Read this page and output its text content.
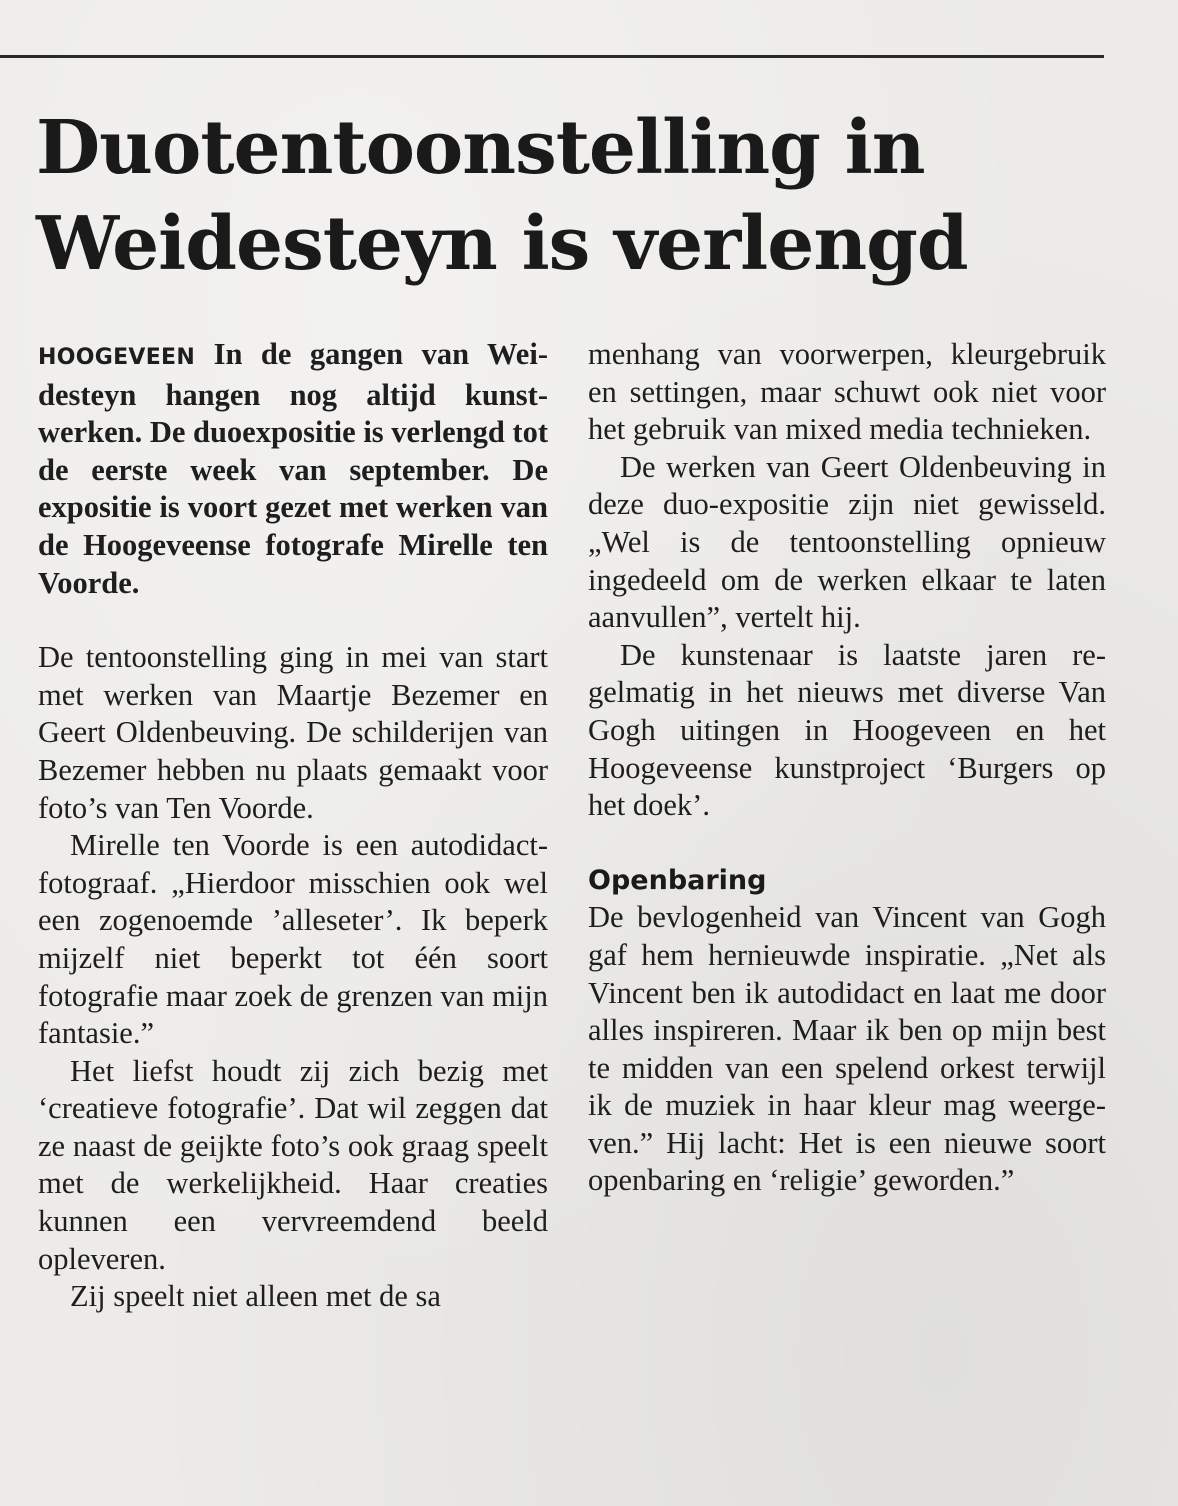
Duotentoonstelling in
Weidesteyn is verlengd

HOOGEVEEN In de gangen van Weidesteyn hangen nog altijd kunstwerken. De duoexpositie is verlengd tot de eerste week van september. De expositie is voort gezet met werken van de Hoogeveense fotografe Mirelle ten Voorde.

De tentoonstelling ging in mei van start met werken van Maartje Bezemer en Geert Oldenbeuving. De schilderijen van Bezemer hebben nu plaats gemaakt voor foto’s van Ten Voorde.

Mirelle ten Voorde is een autodidact-fotograaf. „Hierdoor misschien ook wel een zogenoemde ’alleseter’. Ik beperk mijzelf niet beperkt tot één soort fotografie maar zoek de grenzen van mijn fantasie.”

Het liefst houdt zij zich bezig met ‘creatieve fotografie’. Dat wil zeggen dat ze naast de geijkte foto’s ook graag speelt met de werkelijkheid. Haar creaties kunnen een vervreemdend beeld opleveren.

Zij speelt niet alleen met de sa

menhang van voorwerpen, kleurgebruik en settingen, maar schuwt ook niet voor het gebruik van mixed media technieken.

De werken van Geert Oldenbeuving in deze duo-expositie zijn niet gewisseld. „Wel is de tentoonstelling opnieuw ingedeeld om de werken elkaar te laten aanvullen”, vertelt hij.

De kunstenaar is laatste jaren regelmatig in het nieuws met diverse Van Gogh uitingen in Hoogeveen en het Hoogeveense kunstproject ‘Burgers op het doek’.

Openbaring

De bevlogenheid van Vincent van Gogh gaf hem hernieuwde inspiratie. „Net als Vincent ben ik autodidact en laat me door alles inspireren. Maar ik ben op mijn best te midden van een spelend orkest terwijl ik de muziek in haar kleur mag weergeven.” Hij lacht: Het is een nieuwe soort openbaring en ‘religie’ geworden.”
